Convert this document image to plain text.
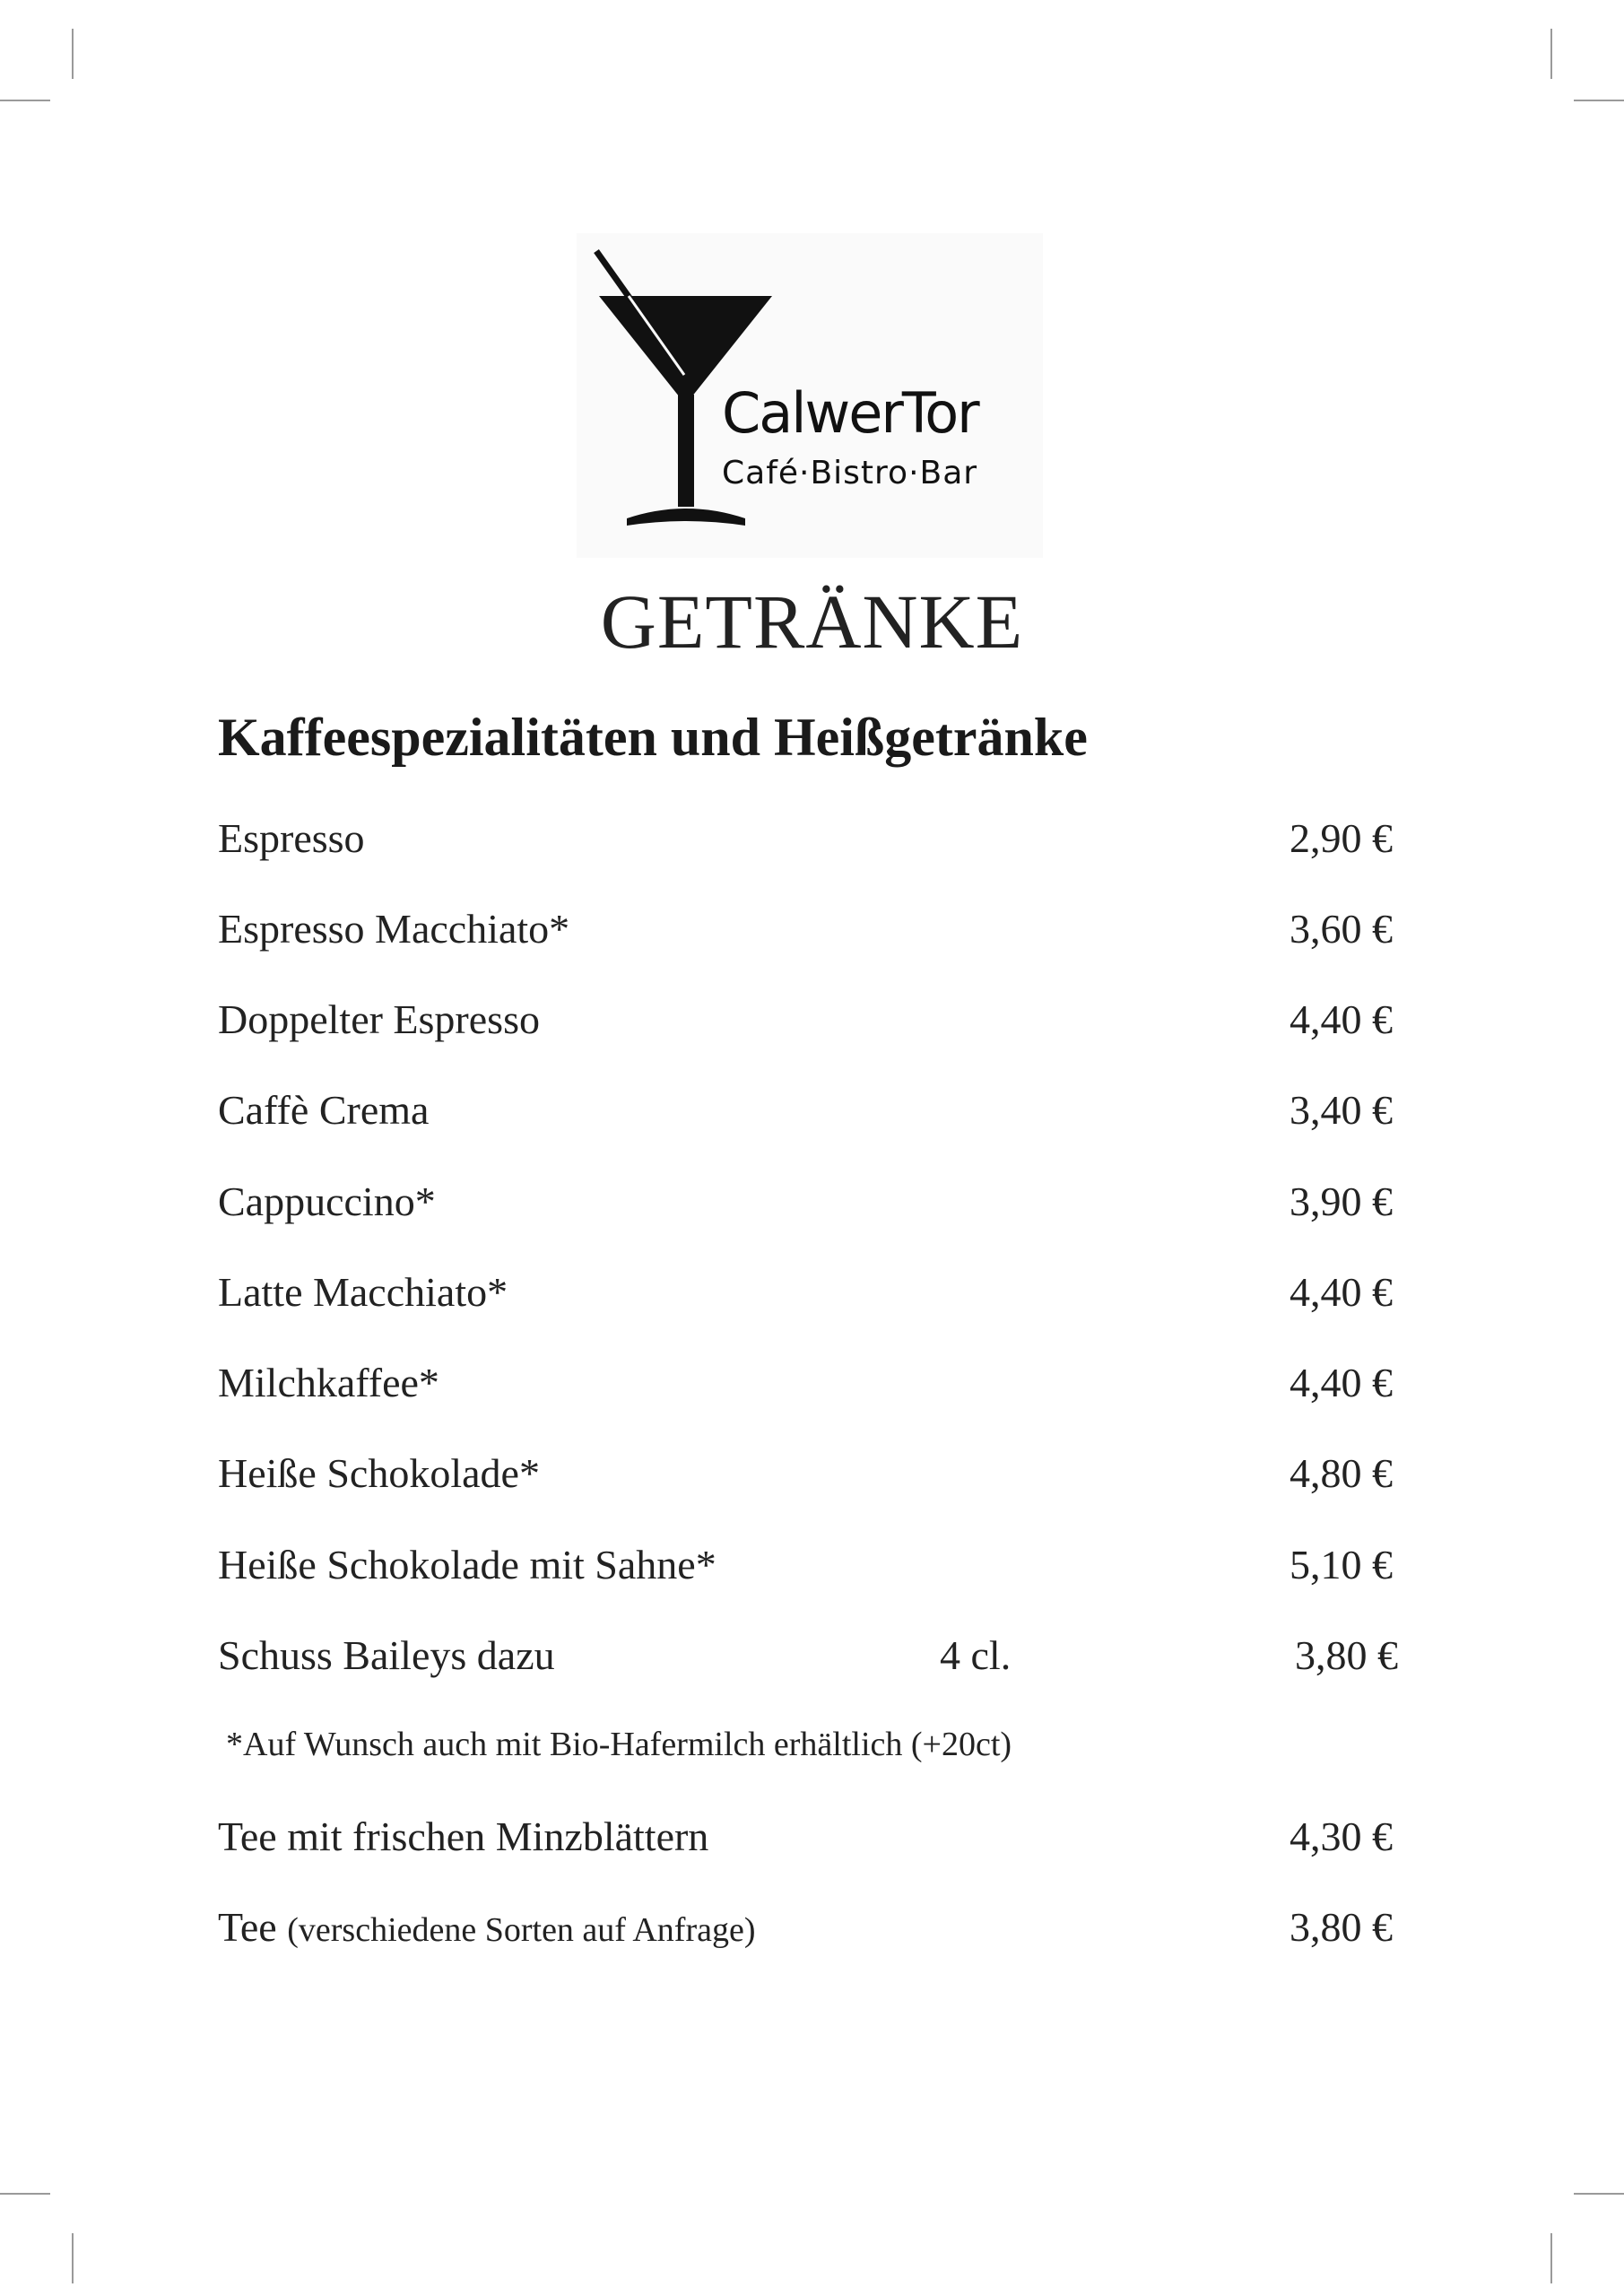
CalwerTor
Café·Bistro·Bar
GETRÄNKE
Kaffeespezialitäten und Heißgetränke
Espresso	2,90 €
Espresso Macchiato*	3,60 €
Doppelter Espresso	4,40 €
Caffè Crema	3,40 €
Cappuccino*	3,90 €
Latte Macchiato*	4,40 €
Milchkaffee*	4,40 €
Heiße Schokolade*	4,80 €
Heiße Schokolade mit Sahne*	5,10 €
Schuss Baileys dazu	4 cl.	3,80 €
*Auf Wunsch auch mit Bio-Hafermilch erhältlich (+20ct)
Tee mit frischen Minzblättern	4,30 €
Tee (verschiedene Sorten auf Anfrage)	3,80 €
